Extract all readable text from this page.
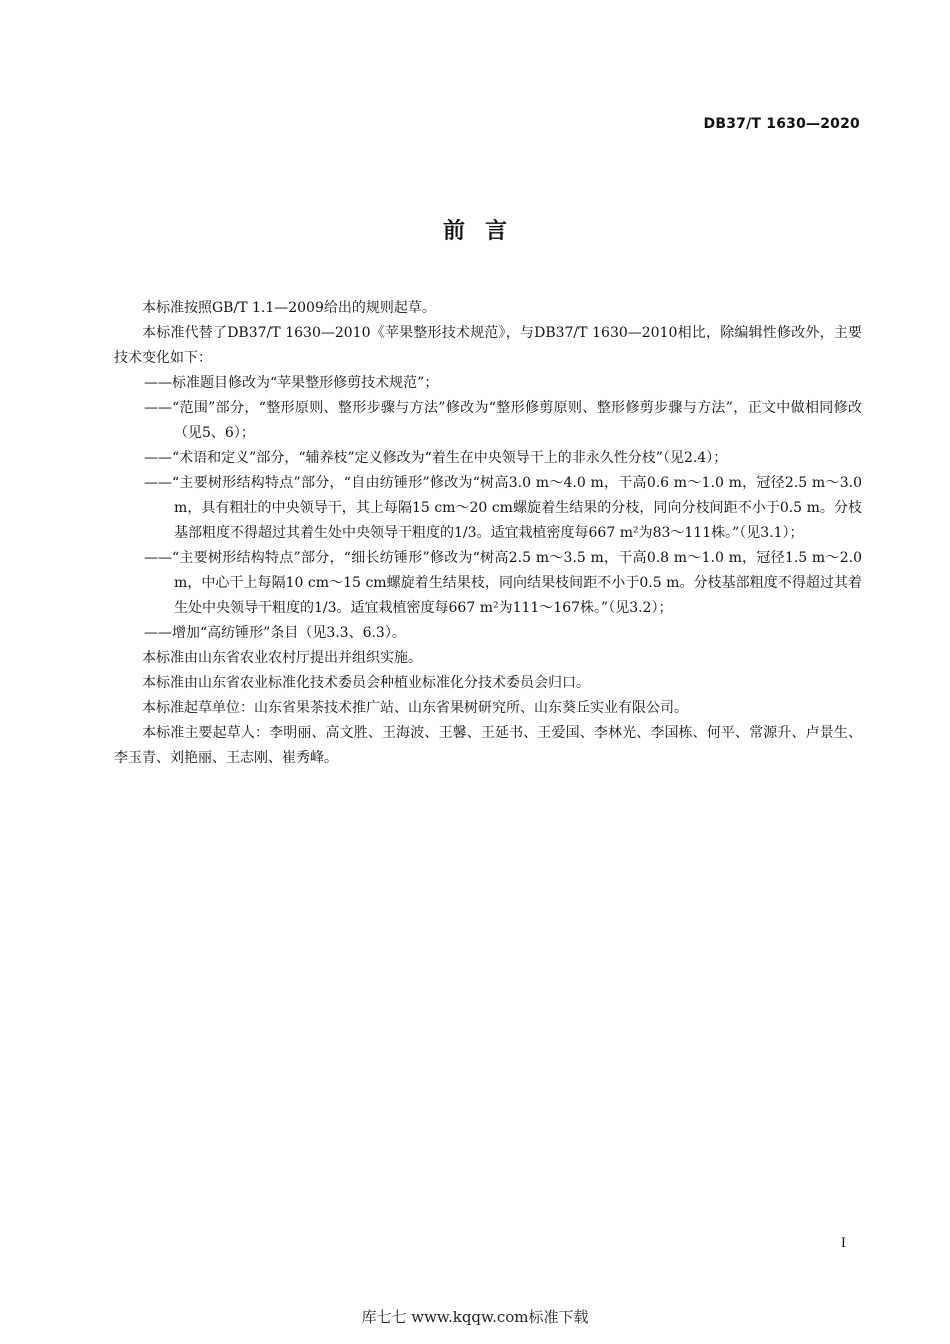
DB37/T 1630—2020
前言

本标准按照GB/T 1.1—2009给出的规则起草。

本标准代替了DB37/T 1630—2010《苹果整形技术规范》，与DB37/T 1630—2010相比，除编辑性修改外，主要技术变化如下：

——标准题目修改为“苹果整形修剪技术规范”；

——“范围”部分，“整形原则、整形步骤与方法”修改为“整形修剪原则、整形修剪步骤与方法”，正文中做相同修改（见5、6）；

——“术语和定义”部分，“辅养枝”定义修改为“着生在中央领导干上的非永久性分枝”（见2.4）；

——“主要树形结构特点”部分，“自由纺锤形”修改为“树高3.0 m～4.0 m，干高0.6 m～1.0 m，冠径2.5 m～3.0 m，具有粗壮的中央领导干，其上每隔15 cm～20 cm螺旋着生结果的分枝，同向分枝间距不小于0.5 m。分枝基部粗度不得超过其着生处中央领导干粗度的1/3。适宜栽植密度每667 m²为83～111株。”（见3.1）；

——“主要树形结构特点”部分，“细长纺锤形”修改为“树高2.5 m～3.5 m，干高0.8 m～1.0 m，冠径1.5 m～2.0 m，中心干上每隔10 cm～15 cm螺旋着生结果枝，同向结果枝间距不小于0.5 m。分枝基部粗度不得超过其着生处中央领导干粗度的1/3。适宜栽植密度每667 m²为111～167株。”（见3.2）；

——增加“高纺锤形”条目（见3.3、6.3）。

本标准由山东省农业农村厅提出并组织实施。

本标准由山东省农业标准化技术委员会种植业标准化分技术委员会归口。

本标准起草单位：山东省果茶技术推广站、山东省果树研究所、山东葵丘实业有限公司。

本标准主要起草人：李明丽、高文胜、王海波、王馨、王延书、王爱国、李林光、李国栋、何平、常源升、卢景生、李玉青、刘艳丽、王志刚、崔秀峰。

I
库七七 www.kqqw.com标准下载
